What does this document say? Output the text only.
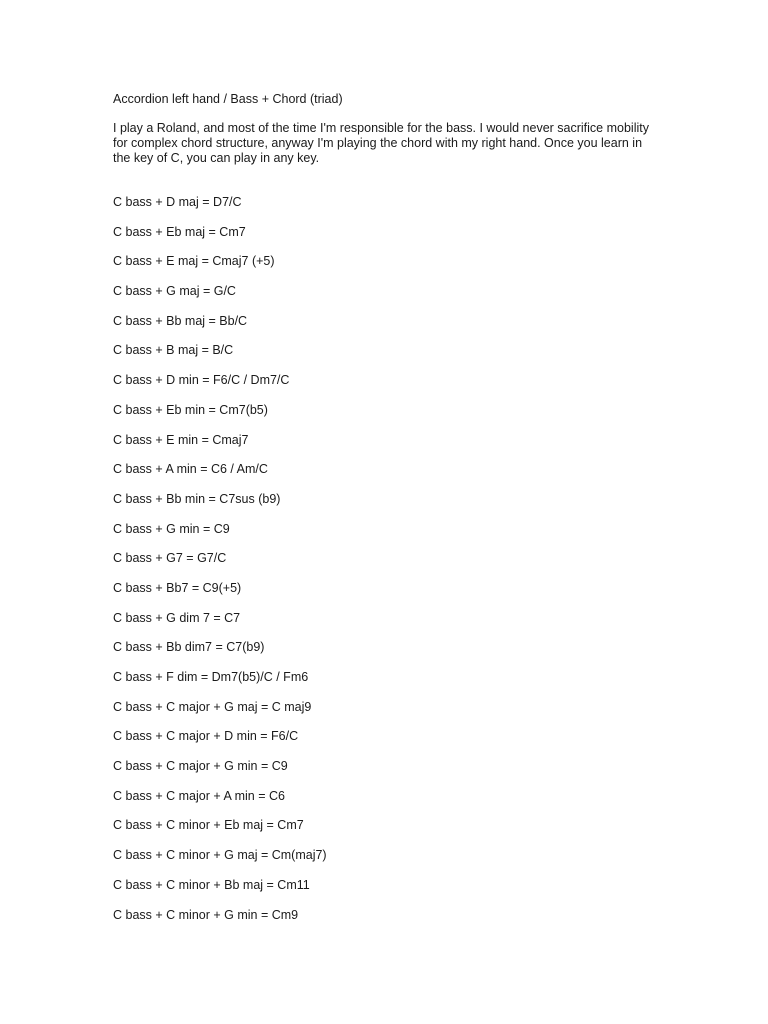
Accordion left hand / Bass + Chord (triad)

I play a Roland, and most of the time I'm responsible for the bass. I would never sacrifice mobility for complex chord structure, anyway I'm playing the chord with my right hand. Once you learn in the key of C, you can play in any key.

C bass + D maj = D7/C
C bass + Eb maj = Cm7
C bass + E maj = Cmaj7 (+5)
C bass + G maj = G/C
C bass + Bb maj = Bb/C
C bass + B maj = B/C
C bass + D min = F6/C / Dm7/C
C bass + Eb min = Cm7(b5)
C bass + E min = Cmaj7
C bass + A min = C6 / Am/C
C bass + Bb min = C7sus (b9)
C bass + G min = C9
C bass + G7 = G7/C
C bass + Bb7 = C9(+5)
C bass + G dim 7 = C7
C bass + Bb dim7 = C7(b9)
C bass + F dim = Dm7(b5)/C / Fm6
C bass + C major + G maj = C maj9
C bass + C major + D min = F6/C
C bass + C major + G min = C9
C bass + C major + A min = C6
C bass + C minor + Eb maj = Cm7
C bass + C minor + G maj = Cm(maj7)
C bass + C minor + Bb maj = Cm11
C bass + C minor + G min = Cm9
